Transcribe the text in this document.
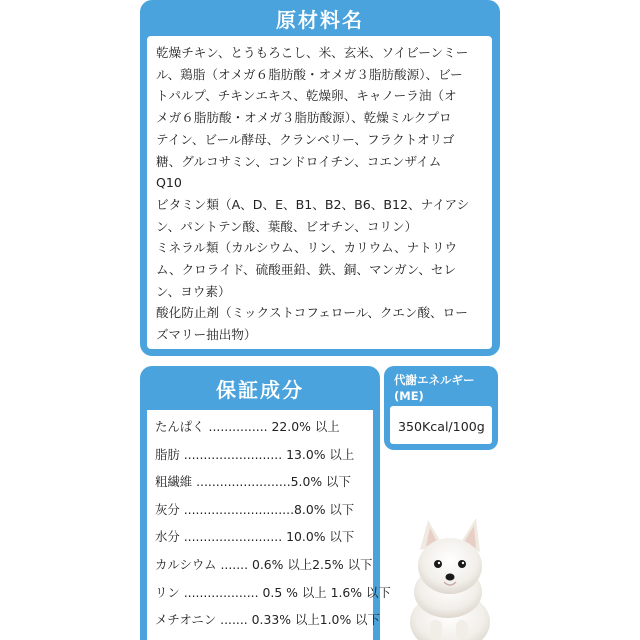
原材料名

乾燥チキン、とうもろこし、米、玄米、ソイビーンミー

ル、鶏脂（オメガ６脂肪酸・オメガ３脂肪酸源）、ビー

トパルプ、チキンエキス、乾燥卵、キャノーラ油（オ

メガ６脂肪酸・オメガ３脂肪酸源）、乾燥ミルクプロ

テイン、ビール酵母、クランベリー、フラクトオリゴ

糖、グルコサミン、コンドロイチン、コエンザイム

Q10

ビタミン類（A、D、E、B1、B2、B6、B12、ナイアシ

ン、パントテン酸、葉酸、ビオチン、コリン）

ミネラル類（カルシウム、リン、カリウム、ナトリウ

ム、クロライド、硫酸亜鉛、鉄、銅、マンガン、セレ

ン、ヨウ素）

酸化防止剤（ミックストコフェロール、クエン酸、ロー

ズマリー抽出物）

保証成分
たんぱく ............... 22.0% 以上
脂肪 ......................... 13.0% 以上
粗繊維 ........................5.0% 以下
灰分 ............................8.0% 以下
水分 ......................... 10.0% 以下
カルシウム ....... 0.6% 以上2.5% 以下
リン ................... 0.5 % 以上 1.6% 以下
メチオニン ....... 0.33% 以上1.0% 以下
代謝エネルギー
(ME)
350Kcal/100g
